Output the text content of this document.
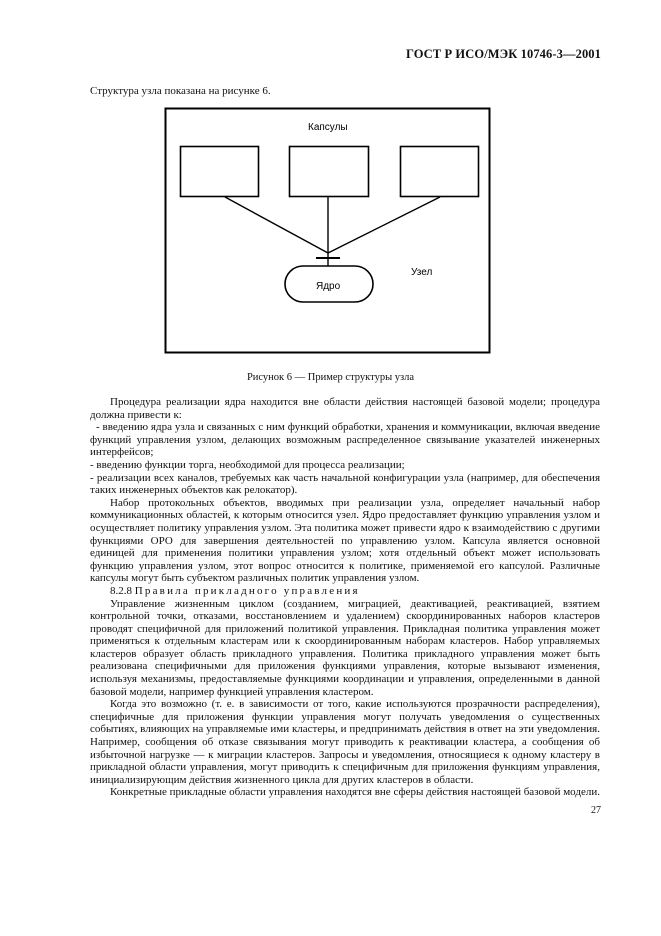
ГОСТ Р ИСО/МЭК 10746-3—2001
Структура узла показана на рисунке 6.
Капсулы
Ядро
Узел
Рисунок 6 — Пример структуры узла

Процедура реализации ядра находится вне области действия настоящей базовой модели; процедура должна привести к:

- введению ядра узла и связанных с ним функций обработки, хранения и коммуникации, включая введение функций управления узлом, делающих возможным распределенное связывание указателей инженерных интерфейсов;

- введению функции торга, необходимой для процесса реализации;

- реализации всех каналов, требуемых как часть начальной конфигурации узла (например, для обеспечения таких инженерных объектов как релокатор).

Набор протокольных объектов, вводимых при реализации узла, определяет начальный набор коммуникационных областей, к которым относится узел. Ядро предоставляет функцию управления узлом и осуществляет политику управления узлом. Эта политика может привести ядро к взаимодействию с другими функциями ОРО для завершения деятельностей по управлению узлом. Капсула является основной единицей для применения политики управления узлом; хотя отдельный объект может использовать функцию управления узлом, этот вопрос относится к политике, применяемой его капсулой. Различные капсулы могут быть субъектом различных политик управления узлом.

8.2.8 Правила прикладного управления

Управление жизненным циклом (созданием, миграцией, деактивацией, реактивацией, взятием контрольной точки, отказами, восстановлением и удалением) скоординированных наборов кластеров проводят специфичной для приложений политикой управления. Прикладная политика управления может применяться к отдельным кластерам или к скоординированным наборам кластеров. Набор управляемых кластеров образует область прикладного управления. Политика прикладного управления может быть реализована специфичными для приложения функциями управления, которые вызывают изменения, используя механизмы, предоставляемые функциями координации и управления, определенными в данной базовой модели, например функцией управления кластером.

Когда это возможно (т. е. в зависимости от того, какие используются прозрачности распределения), специфичные для приложения функции управления могут получать уведомления о существенных событиях, влияющих на управляемые ими кластеры, и предпринимать действия в ответ на эти уведомления. Например, сообщения об отказе связывания могут приводить к реактивации кластера, а сообщения об избыточной нагрузке — к миграции кластеров. Запросы и уведомления, относящиеся к одному кластеру в прикладной области управления, могут приводить к специфичным для приложения функциям управления, инициализирующим действия жизненного цикла для других кластеров в области.

Конкретные прикладные области управления находятся вне сферы действия настоящей базовой модели.

27
